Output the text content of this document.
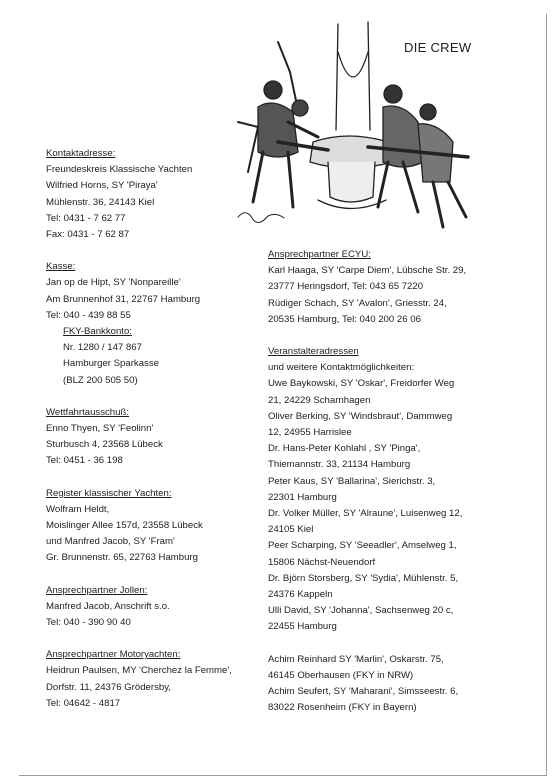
DIE CREW
Kontaktadresse:
Freundeskreis Klassische Yachten
Wilfried Horns, SY 'Piraya'
Mühlenstr. 36, 24143 Kiel
Tel: 0431 - 7 62 77
Fax: 0431 - 7 62 87
Kasse:
Jan op de Hipt, SY 'Nonpareille'
Am Brunnenhof 31, 22767 Hamburg
Tel: 040 - 439 88 55
FKY-Bankkonto:
Nr. 1280 / 147 867
Hamburger Sparkasse
(BLZ 200 505 50)
Wettfahrtausschuß:
Enno Thyen, SY 'Feolinn'
Sturbusch 4, 23568 Lübeck
Tel: 0451 - 36 198
Register klassischer Yachten:
Wolfram Heldt,
Moislinger Allee 157d, 23558 Lübeck
und Manfred Jacob, SY 'Fram'
Gr. Brunnenstr. 65, 22763 Hamburg
Ansprechpartner Jollen:
Manfred Jacob, Anschrift s.o.
Tel: 040 - 390 90 40
Ansprechpartner Motoryachten:
Heidrun Paulsen, MY 'Cherchez la Femme',
Dorfstr. 11, 24376 Grödersby,
Tel: 04642 - 4817
Ansprechpartner ECYU:
Karl Haaga, SY 'Carpe Diem', Lübsche Str. 29,
23777 Heringsdorf, Tel: 043 65 7220
Rüdiger Schach, SY 'Avalon', Griesstr. 24,
20535 Hamburg, Tel: 040 200 26 06
Veranstalteradressen
und weitere Kontaktmöglichkeiten:
Uwe Baykowski, SY 'Oskar', Freidorfer Weg
21, 24229 Scharnhagen
Oliver Berking, SY 'Windsbraut', Dammweg
12, 24955 Harrislee
Dr. Hans-Peter Kohlahl , SY 'Pinga',
Thiemannstr. 33, 21134 Hamburg
Peter Kaus, SY 'Ballarina', Sierichstr. 3,
22301 Hamburg
Dr. Volker Müller, SY 'Alraune', Luisenweg 12,
24105 Kiel
Peer Scharping, SY 'Seeadler', Amselweg 1,
15806 Nächst-Neuendorf
Dr. Björn Storsberg, SY 'Sydia', Mühlenstr. 5,
24376 Kappeln
Ulli David, SY 'Johanna', Sachsenweg 20 c,
22455 Hamburg
Achim Reinhard SY 'Marlin', Oskarstr. 75,
46145 Oberhausen (FKY in NRW)
Achim Seufert, SY 'Maharani', Simsseestr. 6,
83022 Rosenheim (FKY in Bayern)
